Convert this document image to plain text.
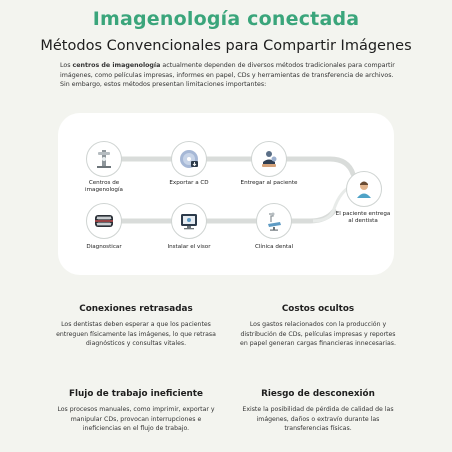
Imagenología conectada
Métodos Convencionales para Compartir Imágenes

Los centros de imagenología actualmente dependen de diversos métodos tradicionales para compartir imágenes, como películas impresas, informes en papel, CDs y herramientas de transferencia de archivos. Sin embargo, estos métodos presentan limitaciones importantes:

Centros de imagenología
Exportar a CD	Entregar al paciente
El paciente entrega al dentista
Clínica dental
Instalar el visor
Diagnosticar
Conexiones retrasadas
Los dentistas deben esperar a que los pacientes entreguen físicamente las imágenes, lo que retrasa diagnósticos y consultas vitales.
Costos ocultos
Los gastos relacionados con la producción y distribución de CDs, películas impresas y reportes en papel generan cargas financieras innecesarias.
Flujo de trabajo ineficiente
Los procesos manuales, como imprimir, exportar y manipular CDs, provocan interrupciones e ineficiencias en el flujo de trabajo.
Riesgo de desconexión
Existe la posibilidad de pérdida de calidad de las imágenes, daños o extravío durante las transferencias físicas.
